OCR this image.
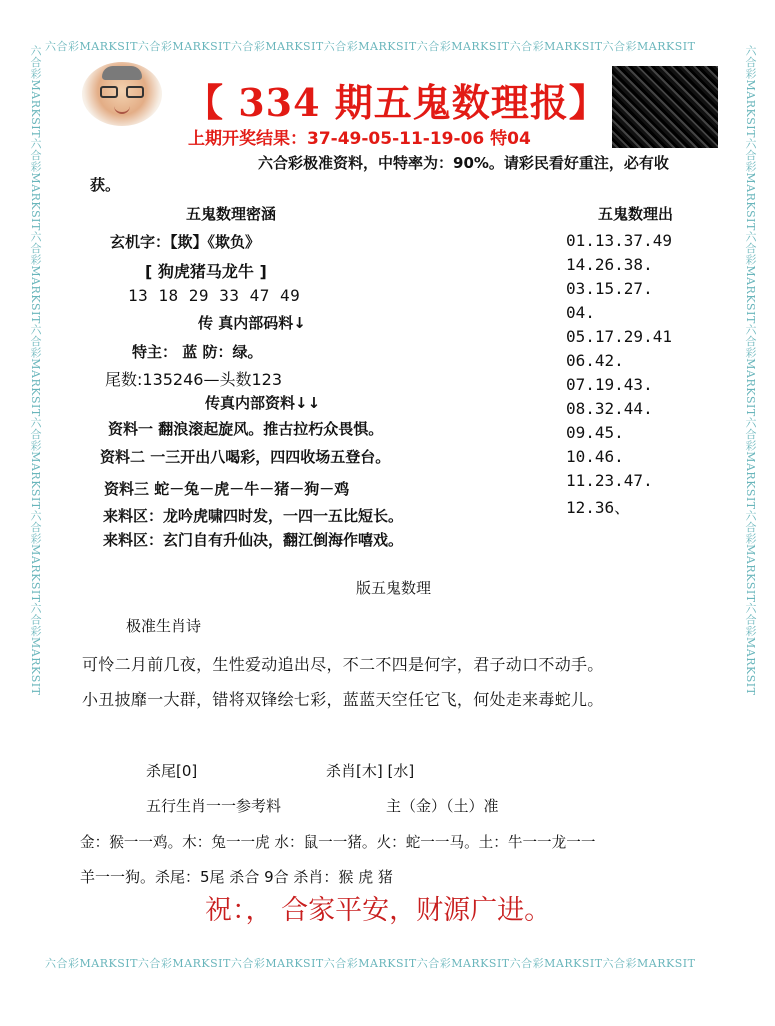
六合彩MARKSIT六合彩MARKSIT六合彩MARKSIT六合彩MARKSIT六合彩MARKSIT六合彩MARKSIT六合彩MARKSIT
六合彩MARKSIT六合彩MARKSIT六合彩MARKSIT六合彩MARKSIT六合彩MARKSIT六合彩MARKSIT六合彩MARKSIT
六合彩MARKSIT六合彩MARKSIT六合彩MARKSIT六合彩MARKSIT六合彩MARKSIT六合彩MARKSIT六合彩MARKSIT	六合彩MARKSIT六合彩MARKSIT六合彩MARKSIT六合彩MARKSIT六合彩MARKSIT六合彩MARKSIT六合彩MARKSIT
【 334 期五鬼数理报】
上期开奖结果：37-49-05-11-19-06 特04
六合彩极准资料，中特率为：90%。请彩民看好重注，必有收
获。
五鬼数理密涵
玄机字：【欺】《欺负》
[ 狗虎猪马龙牛 ]
13 18 29 33 47 49
传 真内部码料↓
特主： 蓝 防：绿。
尾数:135246—头数123
传真内部资料↓↓
资料一 翻浪滚起旋风。推古拉朽众畏惧。
资料二 一三开出八喝彩，四四收场五登台。
资料三 蛇－兔－虎－牛－猪－狗－鸡
来料区：龙吟虎啸四时发，一四一五比短长。
来料区：玄门自有升仙决，翻江倒海作嘻戏。
五鬼数理出
01.13.37.49
14.26.38.
03.15.27.
04.
05.17.29.41
06.42.
07.19.43.
08.32.44.
09.45.
10.46.
11.23.47.
12.36、
版五鬼数理
极准生肖诗
可怜二月前几夜，生性爱动追出尽，不二不四是何字，君子动口不动手。
小丑披靡一大群，错将双锋绘七彩，蓝蓝天空任它飞，何处走来毒蛇儿。
杀尾[0]	杀肖[木] [水]
五行生肖一一参考料	主（金）（土）准
金：猴一一鸡。木：兔一一虎 水：鼠一一猪。火：蛇一一马。土：牛一一龙一一
羊一一狗。杀尾：5尾 杀合 9合 杀肖：猴 虎 猪
祝：， 合家平安，财源广进。
